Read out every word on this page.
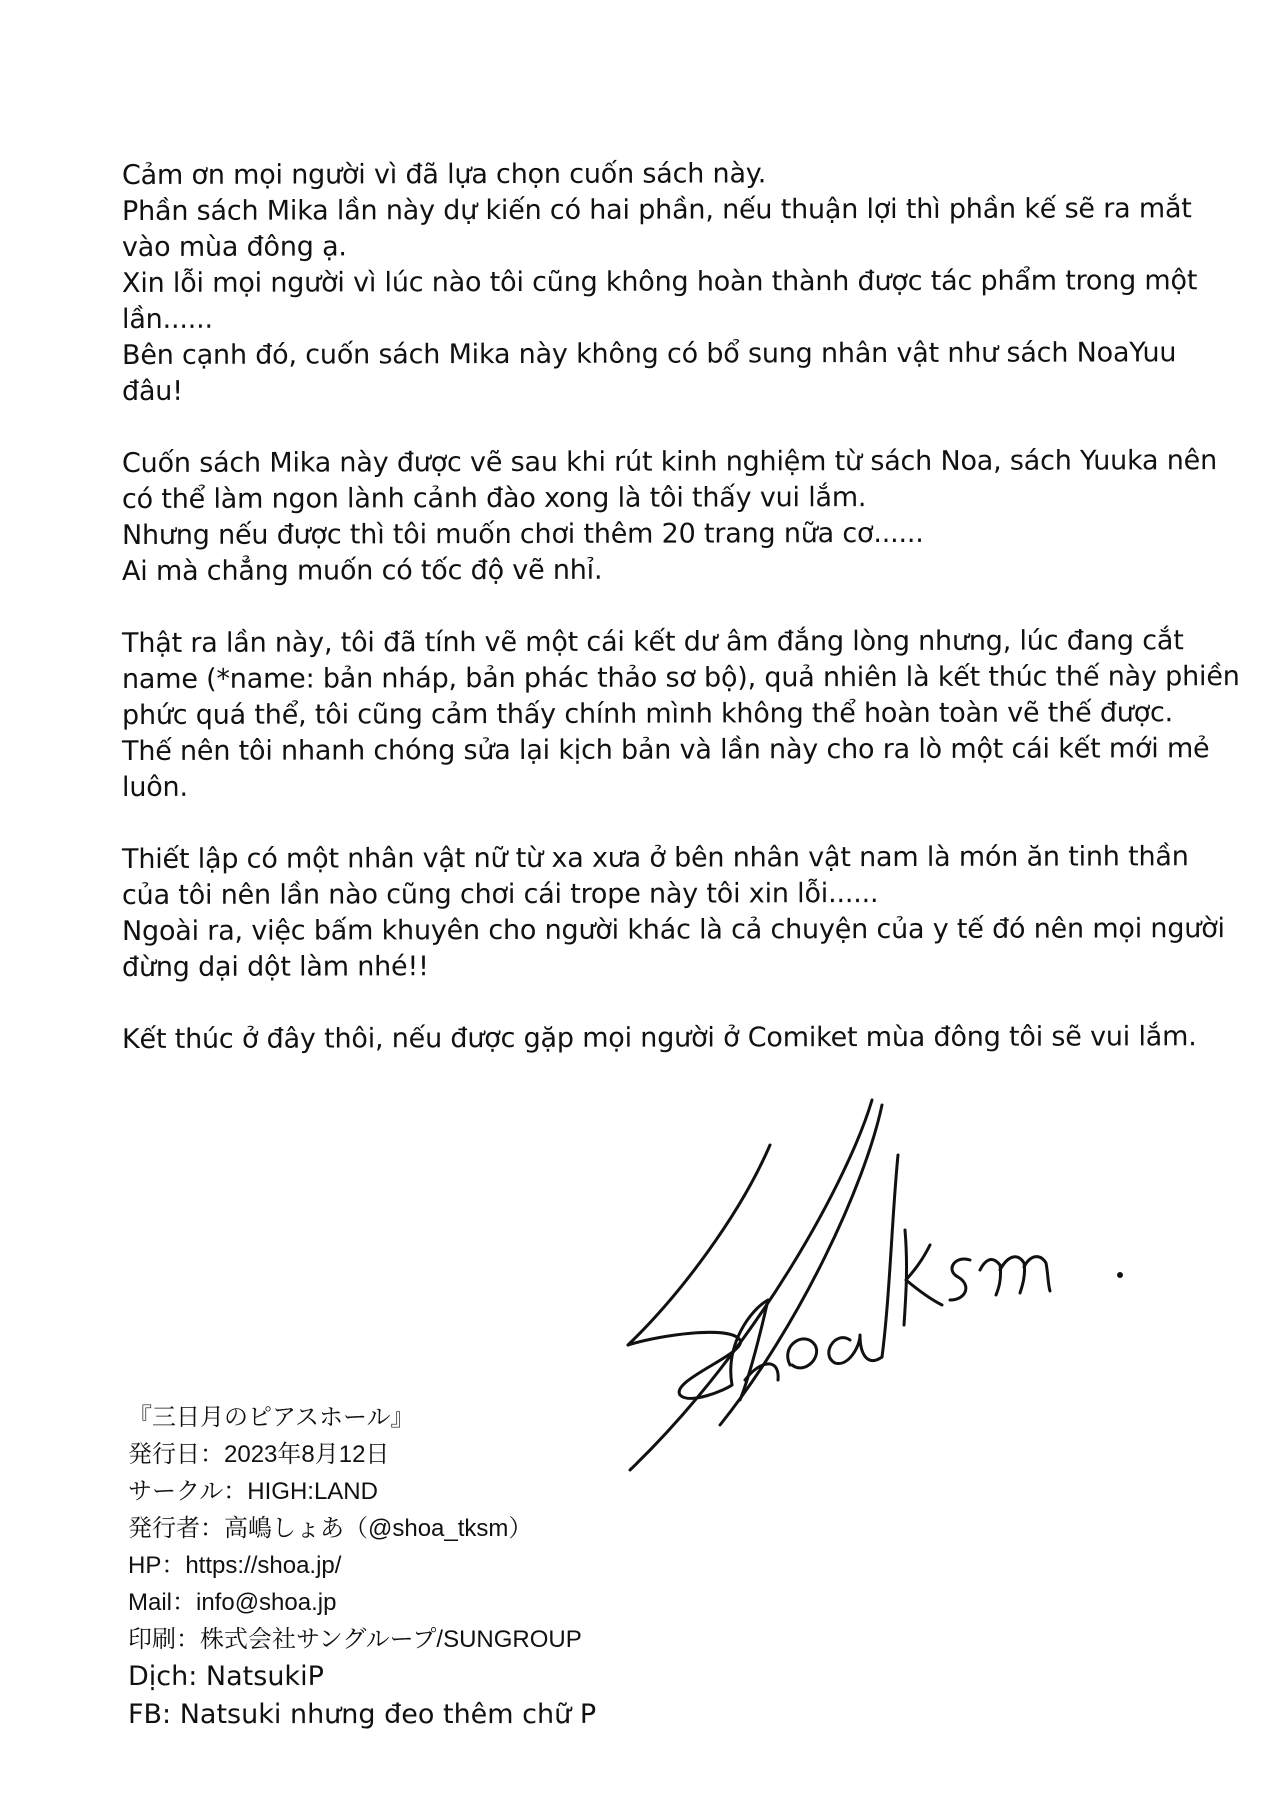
Cảm ơn mọi người vì đã lựa chọn cuốn sách này.
Phần sách Mika lần này dự kiến có hai phần, nếu thuận lợi thì phần kế sẽ ra mắt
vào mùa đông ạ.
Xin lỗi mọi người vì lúc nào tôi cũng không hoàn thành được tác phẩm trong một
lần......
Bên cạnh đó, cuốn sách Mika này không có bổ sung nhân vật như sách NoaYuu
đâu!
Cuốn sách Mika này được vẽ sau khi rút kinh nghiệm từ sách Noa, sách Yuuka nên
có thể làm ngon lành cảnh đào xong là tôi thấy vui lắm.
Nhưng nếu được thì tôi muốn chơi thêm 20 trang nữa cơ......
Ai mà chẳng muốn có tốc độ vẽ nhỉ.
Thật ra lần này, tôi đã tính vẽ một cái kết dư âm đắng lòng nhưng, lúc đang cắt
name (*name: bản nháp, bản phác thảo sơ bộ), quả nhiên là kết thúc thế này phiền
phức quá thể, tôi cũng cảm thấy chính mình không thể hoàn toàn vẽ thế được.
Thế nên tôi nhanh chóng sửa lại kịch bản và lần này cho ra lò một cái kết mới mẻ
luôn.
Thiết lập có một nhân vật nữ từ xa xưa ở bên nhân vật nam là món ăn tinh thần
của tôi nên lần nào cũng chơi cái trope này tôi xin lỗi......
Ngoài ra, việc bấm khuyên cho người khác là cả chuyện của y tế đó nên mọi người
đừng dại dột làm nhé!!
Kết thúc ở đây thôi, nếu được gặp mọi người ở Comiket mùa đông tôi sẽ vui lắm.
『三日月のピアスホール』
発行日：2023年8月12日
サークル：HIGH:LAND
発行者：高嶋しょあ（@shoa_tksm）
HP：https://shoa.jp/
Mail：info@shoa.jp
印刷：株式会社サングループ/SUNGROUP
Dịch: NatsukiP
FB: Natsuki nhưng đeo thêm chữ P
